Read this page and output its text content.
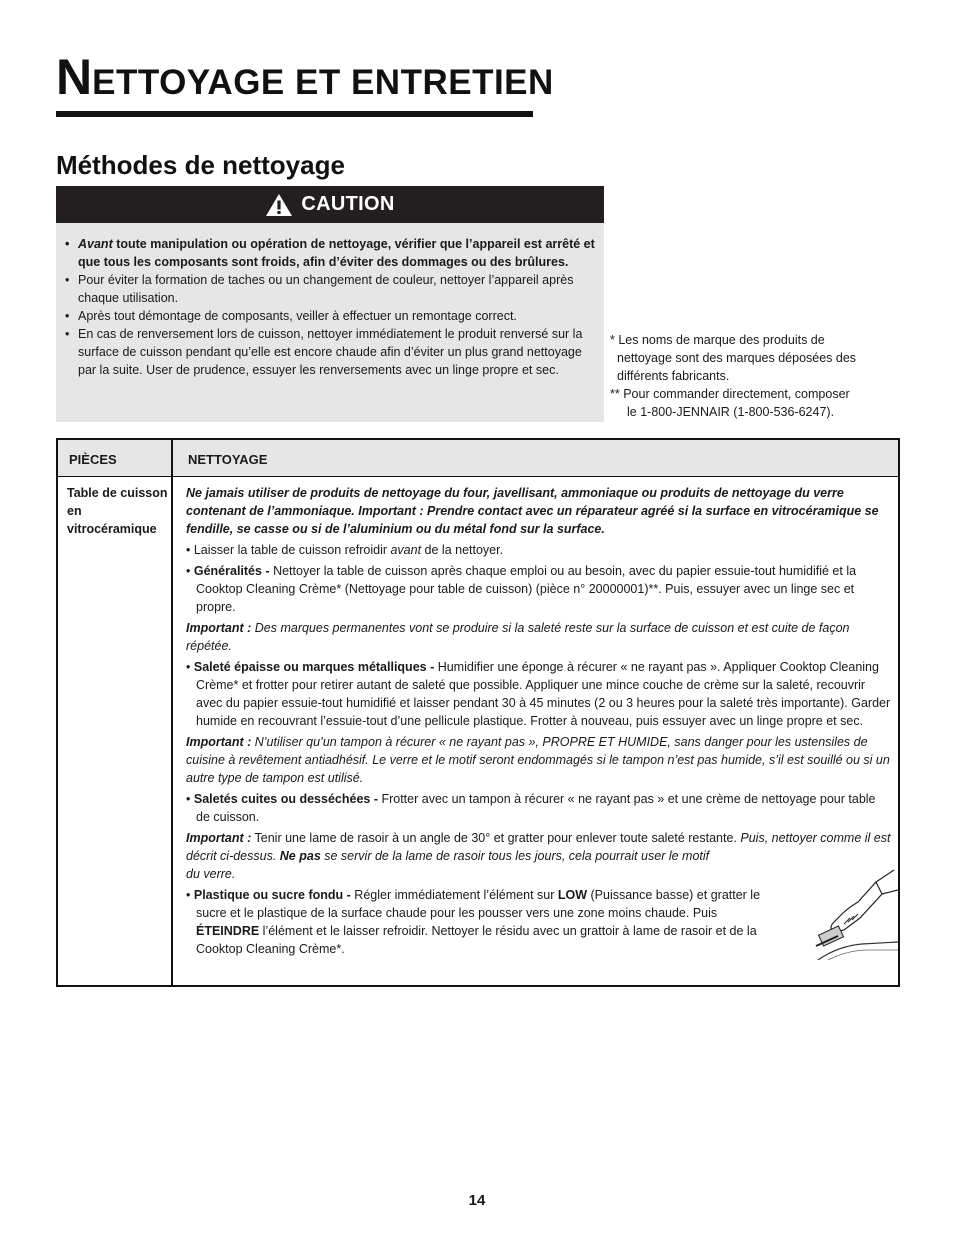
NETTOYAGE ET ENTRETIEN
Méthodes de nettoyage
CAUTION
• Avant toute manipulation ou opération de nettoyage, vérifier que l’appareil est arrêté et que tous les composants sont froids, afin d’éviter des dommages ou des brûlures.
• Pour éviter la formation de taches ou un changement de couleur, nettoyer l’appareil après chaque utilisation.
• Après tout démontage de composants, veiller à effectuer un remontage correct.
• En cas de renversement lors de cuisson, nettoyer immédiatement le produit renversé sur la surface de cuisson pendant qu’elle est encore chaude afin d’éviter un plus grand nettoyage par la suite. User de prudence, essuyer les renversements avec un linge propre et sec.

* Les noms de marque des produits de

nettoyage sont des marques déposées des

différents fabricants.

** Pour commander directement, composer

le 1-800-JENNAIR (1-800-536-6247).

PIÈCES	NETTOYAGE
Table de cuisson en vitrocéramique

Ne jamais utiliser de produits de nettoyage du four, javellisant, ammoniaque ou produits de nettoyage du verre contenant de l’ammoniaque. Important : Prendre contact avec un réparateur agréé si la surface en vitrocéramique se fendille, se casse ou si de l’aluminium ou du métal fond sur la surface.

• Laisser la table de cuisson refroidir avant de la nettoyer.

• Généralités - Nettoyer la table de cuisson après chaque emploi ou au besoin, avec du papier essuie-tout humidifié et la Cooktop Cleaning Crème* (Nettoyage pour table de cuisson) (pièce n° 20000001)**. Puis, essuyer avec un linge sec et propre.

Important : Des marques permanentes vont se produire si la saleté reste sur la surface de cuisson et est cuite de façon répétée.

• Saleté épaisse ou marques métalliques - Humidifier une éponge à récurer « ne rayant pas ». Appliquer Cooktop Cleaning Crème* et frotter pour retirer autant de saleté que possible. Appliquer une mince couche de crème sur la saleté, recouvrir avec du papier essuie-tout humidifié et laisser pendant 30 à 45 minutes (2 ou 3 heures pour la saleté très importante). Garder humide en recouvrant l’essuie-tout d’une pellicule plastique. Frotter à nouveau, puis essuyer avec un linge propre et sec.

Important : N’utiliser qu’un tampon à récurer « ne rayant pas », PROPRE ET HUMIDE, sans danger pour les ustensiles de cuisine à revêtement antiadhésif. Le verre et le motif seront endommagés si le tampon n’est pas humide, s’il est souillé ou si un autre type de tampon est utilisé.

• Saletés cuites ou desséchées - Frotter avec un tampon à récurer « ne rayant pas » et une crème de nettoyage pour table de cuisson.

Important : Tenir une lame de rasoir à un angle de 30° et gratter pour enlever toute saleté restante. Puis, nettoyer comme il est décrit ci-dessus. Ne pas se servir de la lame de rasoir tous les jours, cela pourrait user le motif
du verre.

• Plastique ou sucre fondu - Régler immédiatement l’élément sur LOW (Puissance basse) et gratter le sucre et le plastique de la surface chaude pour les pousser vers une zone moins chaude. Puis ÉTEINDRE l’élément et le laisser refroidir. Nettoyer le résidu avec un grattoir à lame de rasoir et de la Cooktop Cleaning Crème*.

14
